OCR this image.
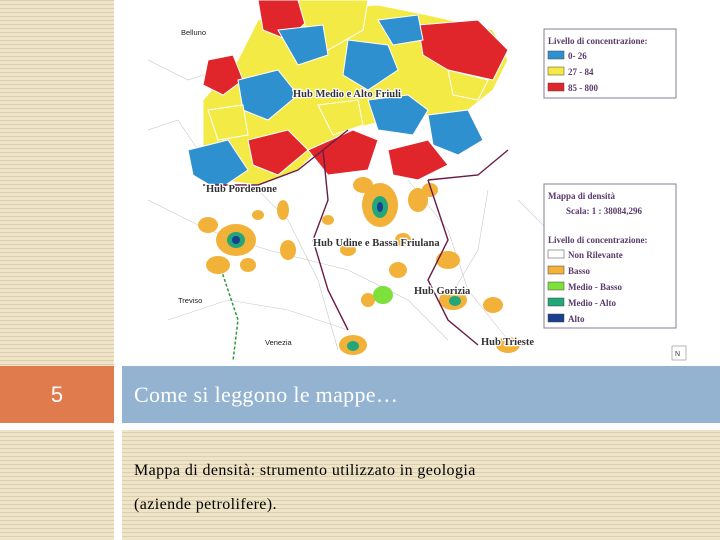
Belluno
Treviso
Venezia
Hub Medio e Alto Friuli
Hub Pordenone
Hub Udine e Bassa Friulana
Hub Gorizia
Hub Trieste
Livello di concentrazione:
0- 26
27 - 84
85 - 800
Mappa di densità
Scala: 1 : 38084,296
Livello di concentrazione:
Non Rilevante
Basso
Medio - Basso
Medio - Alto
Alto
N
5	Come si leggono le mappe…
Mappa di densità: strumento utilizzato in geologia
(aziende petrolifere).
